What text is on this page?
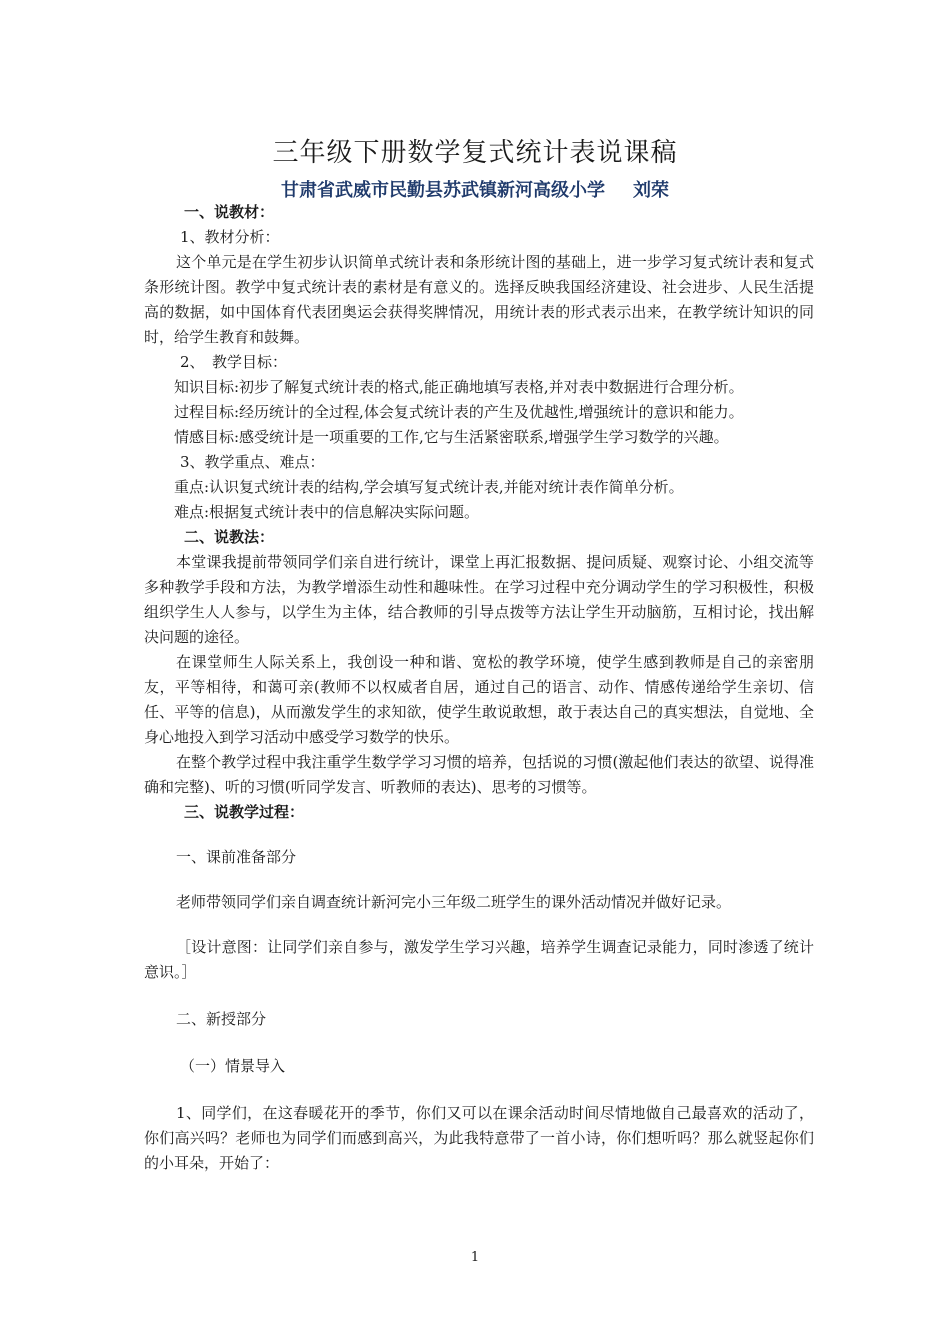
三年级下册数学复式统计表说课稿
甘肃省武威市民勤县苏武镇新河高级小学 刘荣
一、说教材：
1、教材分析：
这个单元是在学生初步认识简单式统计表和条形统计图的基础上，进一步学习复式统计表和复式条形统计图。教学中复式统计表的素材是有意义的。选择反映我国经济建设、社会进步、人民生活提高的数据，如中国体育代表团奥运会获得奖牌情况，用统计表的形式表示出来，在教学统计知识的同时，给学生教育和鼓舞。
2、　教学目标：
知识目标:初步了解复式统计表的格式,能正确地填写表格,并对表中数据进行合理分析。
过程目标:经历统计的全过程,体会复式统计表的产生及优越性,增强统计的意识和能力。
情感目标:感受统计是一项重要的工作,它与生活紧密联系,增强学生学习数学的兴趣。
3、教学重点、难点：
重点:认识复式统计表的结构,学会填写复式统计表,并能对统计表作简单分析。
难点:根据复式统计表中的信息解决实际问题。
二、说教法：
本堂课我提前带领同学们亲自进行统计，课堂上再汇报数据、提问质疑、观察讨论、小组交流等多种教学手段和方法，为教学增添生动性和趣味性。在学习过程中充分调动学生的学习积极性，积极组织学生人人参与，以学生为主体，结合教师的引导点拨等方法让学生开动脑筋，互相讨论，找出解决问题的途径。
在课堂师生人际关系上，我创设一种和谐、宽松的教学环境，使学生感到教师是自己的亲密朋友，平等相待，和蔼可亲(教师不以权威者自居，通过自己的语言、动作、情感传递给学生亲切、信任、平等的信息)，从而激发学生的求知欲，使学生敢说敢想，敢于表达自己的真实想法，自觉地、全身心地投入到学习活动中感受学习数学的快乐。
在整个教学过程中我注重学生数学学习习惯的培养，包括说的习惯(激起他们表达的欲望、说得准确和完整)、听的习惯(听同学发言、听教师的表达)、思考的习惯等。
三、说教学过程：
一、课前准备部分
老师带领同学们亲自调查统计新河完小三年级二班学生的课外活动情况并做好记录。
［设计意图：让同学们亲自参与，激发学生学习兴趣，培养学生调查记录能力，同时渗透了统计意识。］
二、新授部分
（一）情景导入
1、同学们，在这春暖花开的季节，你们又可以在课余活动时间尽情地做自己最喜欢的活动了，你们高兴吗？老师也为同学们而感到高兴，为此我特意带了一首小诗，你们想听吗？那么就竖起你们的小耳朵，开始了：
1
